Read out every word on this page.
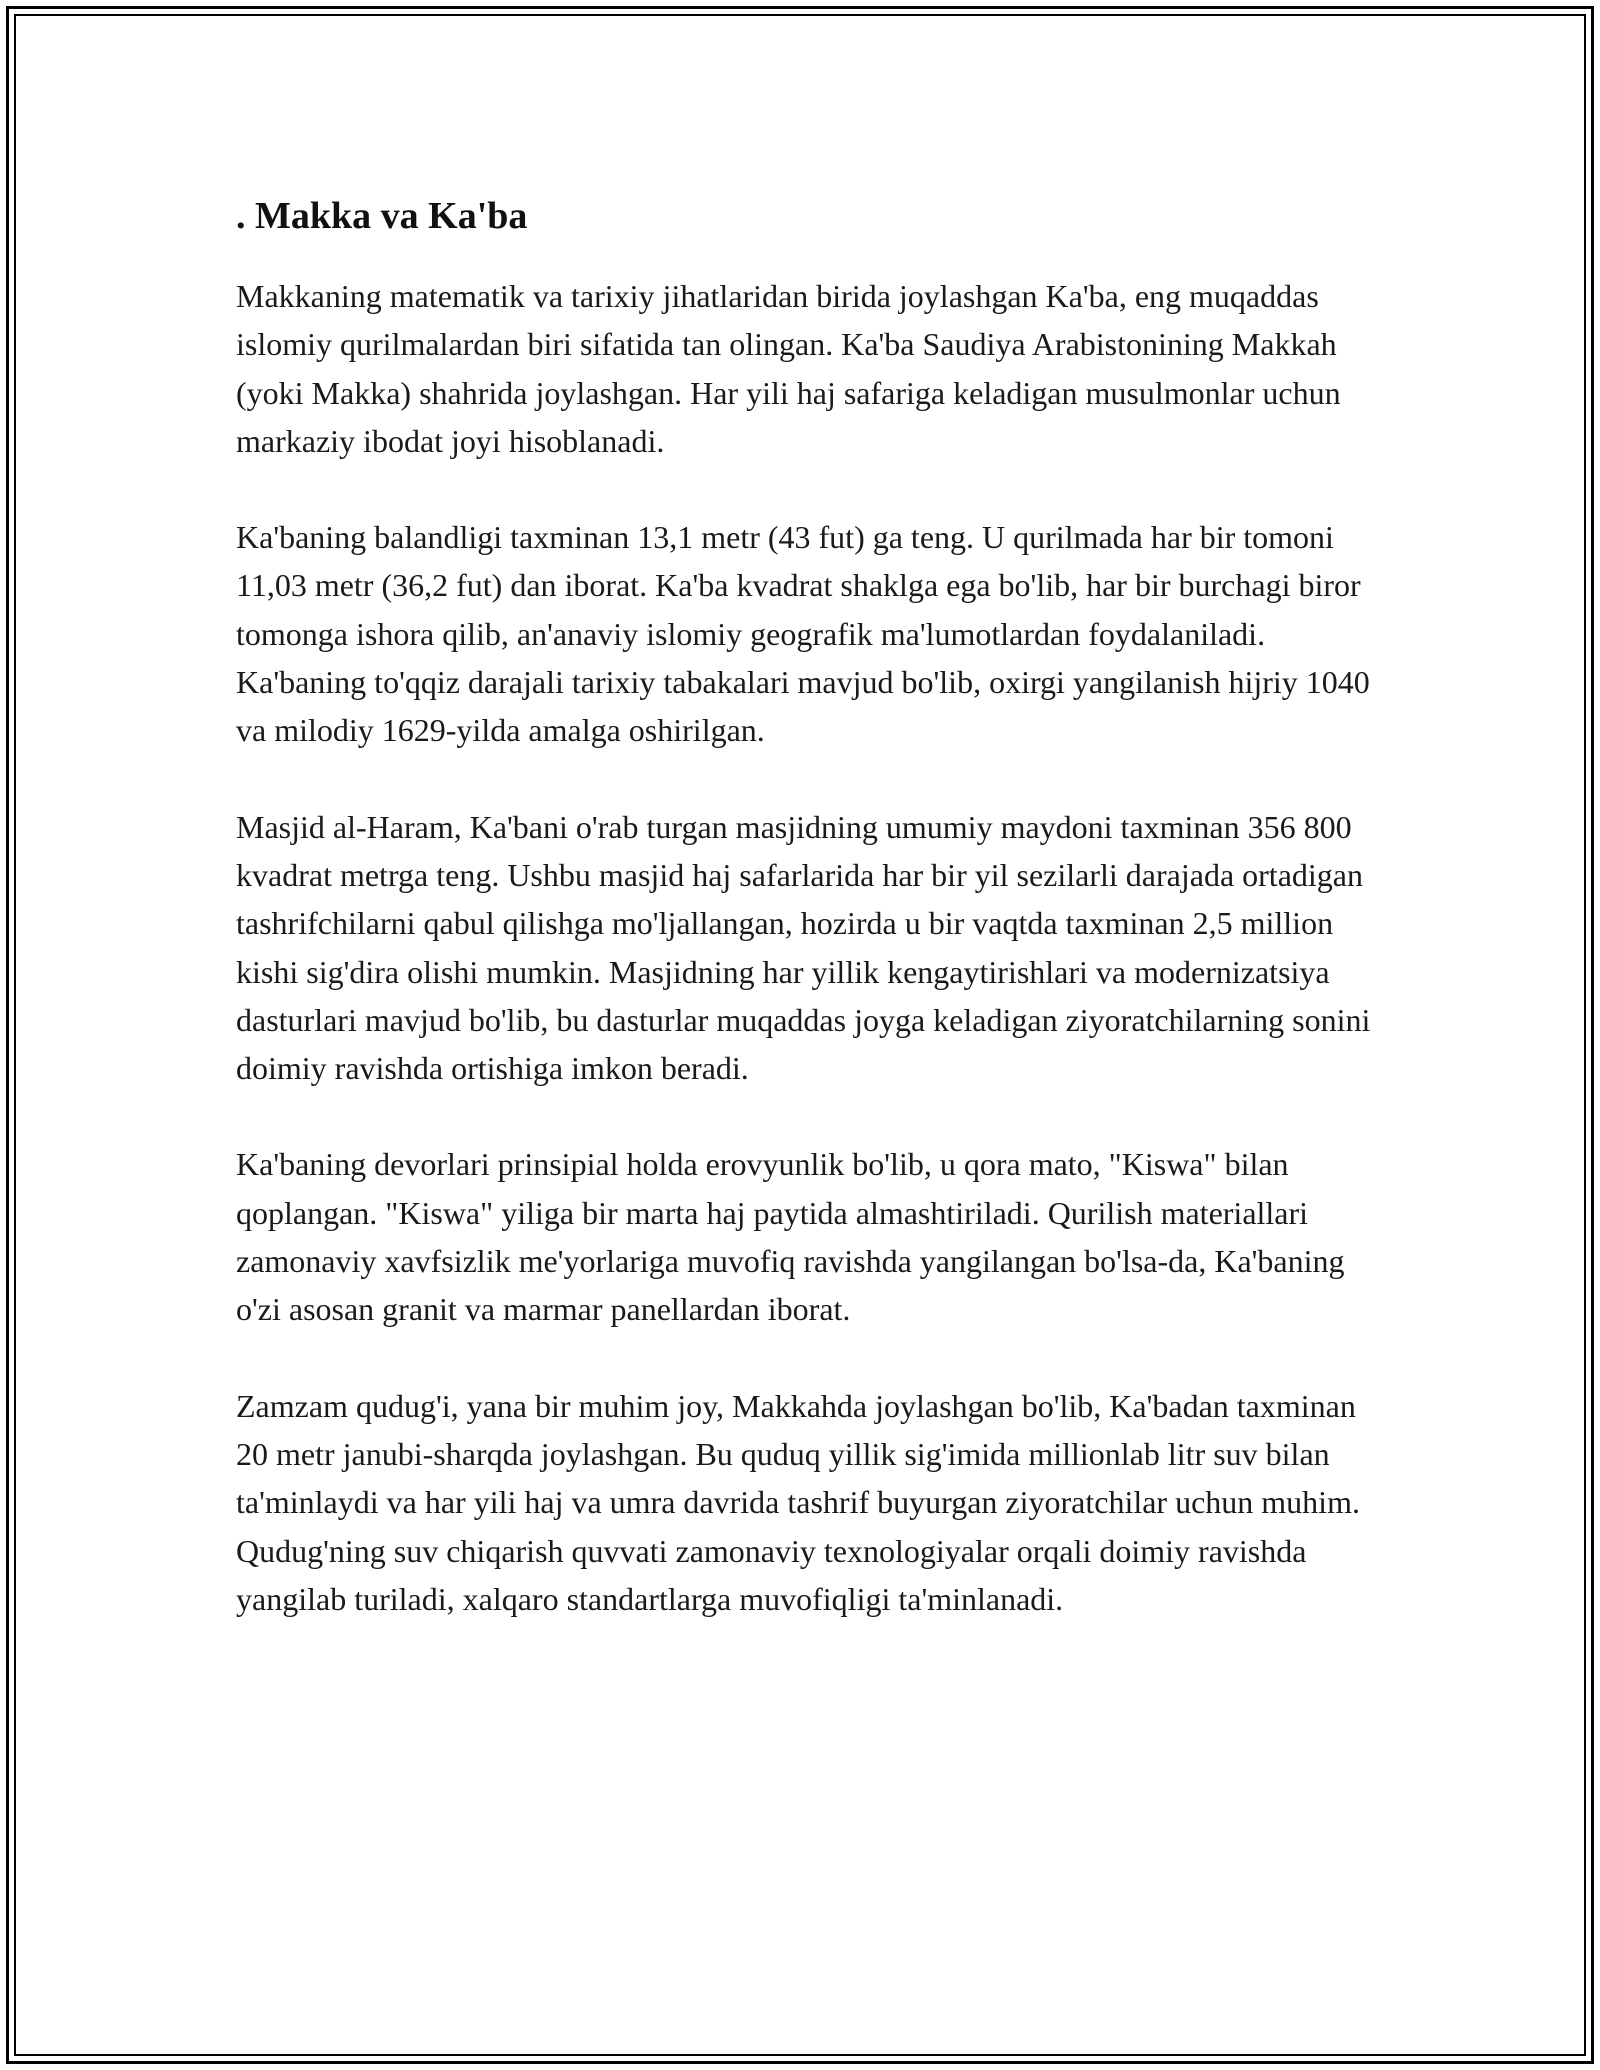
. Makka va Ka'ba

Makkaning matematik va tarixiy jihatlaridan birida joylashgan Ka'ba, eng muqaddas islomiy qurilmalardan biri sifatida tan olingan. Ka'ba Saudiya Arabistonining Makkah (yoki Makka) shahrida joylashgan. Har yili haj safariga keladigan musulmonlar uchun markaziy ibodat joyi hisoblanadi.

Ka'baning balandligi taxminan 13,1 metr (43 fut) ga teng. U qurilmada har bir tomoni 11,03 metr (36,2 fut) dan iborat. Ka'ba kvadrat shaklga ega bo'lib, har bir burchagi biror tomonga ishora qilib, an'anaviy islomiy geografik ma'lumotlardan foydalaniladi. Ka'baning to'qqiz darajali tarixiy tabakalari mavjud bo'lib, oxirgi yangilanish hijriy 1040 va milodiy 1629-yilda amalga oshirilgan.

Masjid al-Haram, Ka'bani o'rab turgan masjidning umumiy maydoni taxminan 356 800 kvadrat metrga teng. Ushbu masjid haj safarlarida har bir yil sezilarli darajada ortadigan tashrifchilarni qabul qilishga mo'ljallangan, hozirda u bir vaqtda taxminan 2,5 million kishi sig'dira olishi mumkin. Masjidning har yillik kengaytirishlari va modernizatsiya dasturlari mavjud bo'lib, bu dasturlar muqaddas joyga keladigan ziyoratchilarning sonini doimiy ravishda ortishiga imkon beradi.

Ka'baning devorlari prinsipial holda erovyunlik bo'lib, u qora mato, "Kiswa" bilan qoplangan. "Kiswa" yiliga bir marta haj paytida almashtiriladi. Qurilish materiallari zamonaviy xavfsizlik me'yorlariga muvofiq ravishda yangilangan bo'lsa-da, Ka'baning o'zi asosan granit va marmar panellardan iborat.

Zamzam qudug'i, yana bir muhim joy, Makkahda joylashgan bo'lib, Ka'badan taxminan 20 metr janubi-sharqda joylashgan. Bu quduq yillik sig'imida millionlab litr suv bilan ta'minlaydi va har yili haj va umra davrida tashrif buyurgan ziyoratchilar uchun muhim. Qudug'ning suv chiqarish quvvati zamonaviy texnologiyalar orqali doimiy ravishda yangilab turiladi, xalqaro standartlarga muvofiqligi ta'minlanadi.
